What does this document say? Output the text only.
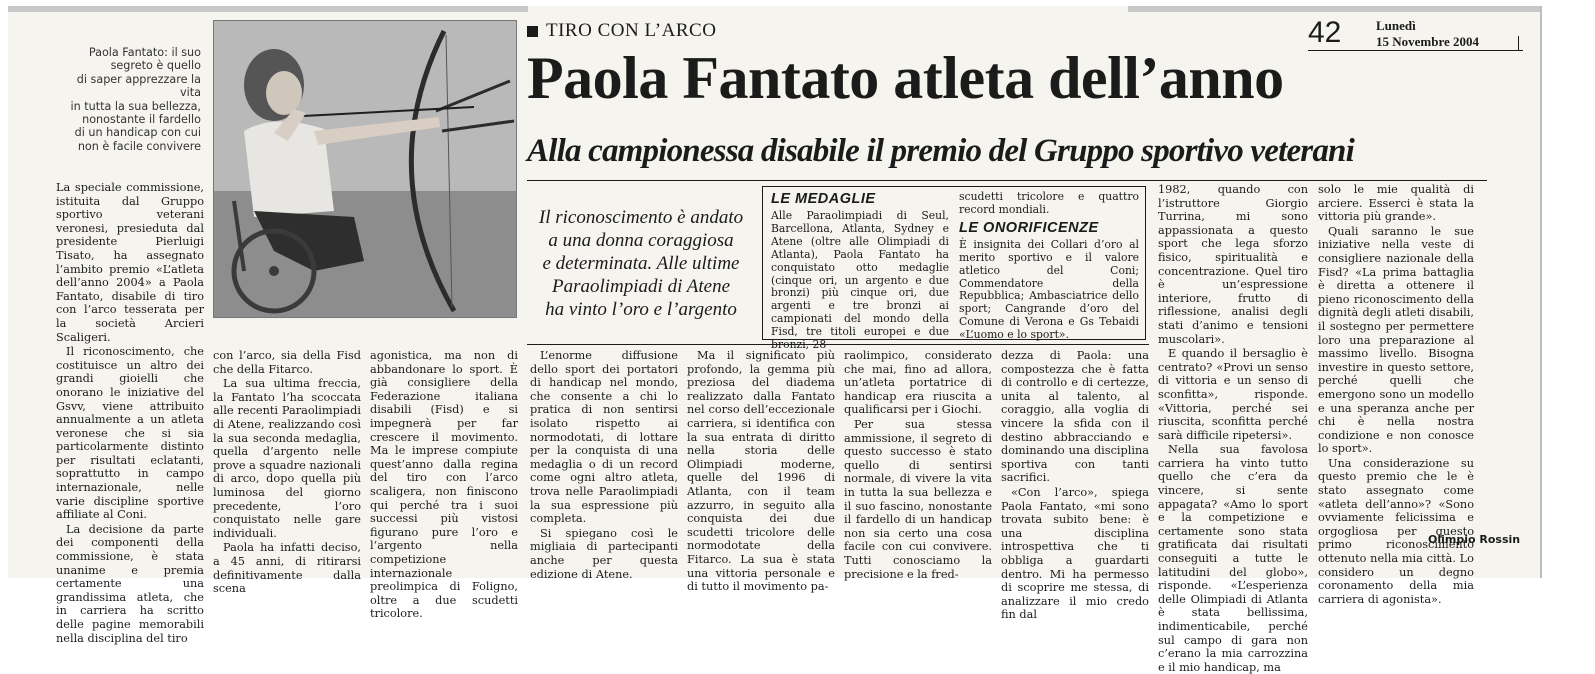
Paola Fantato: il suo
segreto è quello
di saper apprezzare la vita
in tutta la sua bellezza,
nonostante il fardello
di un handicap con cui
non è facile convivere
TIRO CON L’ARCO	42	Lunedì
15 Novembre 2004
Paola Fantato atleta dell’anno
Alla campionessa disabile il premio del Gruppo sportivo veterani
Il riconoscimento è andato
a una donna coraggiosa
e determinata. Alle ultime
Paraolimpiadi di Atene
ha vinto l’oro e l’argento
LE MEDAGLIE

Alle Paraolimpiadi di Seul, Barcellona, Atlanta, Sydney e Atene (oltre alle Olimpiadi di Atlanta), Paola Fantato ha conquistato otto medaglie (cinque ori, un argento e due bronzi) più cinque ori, due argenti e tre bronzi ai campionati del mondo della Fisd, tre titoli europei e due bronzi, 28

scudetti tricolore e quattro record mondiali.

LE ONORIFICENZE

È insignita dei Collari d’oro al merito sportivo e il valore atletico del Coni; Commendatore della Repubblica; Ambasciatrice dello sport; Cangrande d’oro del Comune di Verona e Gs Tebaidi «L’uomo e lo sport».

La speciale commissione, istituita dal Gruppo sportivo veterani veronesi, presieduta dal presidente Pierluigi Tisato, ha assegnato l’ambito premio «L’atleta dell’anno 2004» a Paola Fantato, disabile di tiro con l’arco tesserata per la società Arcieri Scaligeri.

Il riconoscimento, che costituisce un altro dei grandi gioielli che onorano le iniziative del Gsvv, viene attribuito annualmente a un atleta veronese che si sia particolarmente distinto per risultati eclatanti, soprattutto in campo internazionale, nelle varie discipline sportive affiliate al Coni.

La decisione da parte dei componenti della commissione, è stata unanime e premia certamente una grandissima atleta, che in carriera ha scritto delle pagine memorabili nella disciplina del tiro

con l’arco, sia della Fisd che della Fitarco.

La sua ultima freccia, la Fantato l’ha scoccata alle recenti Paraolimpiadi di Atene, realizzando così la sua seconda medaglia, quella d’argento nelle prove a squadre nazionali di arco, dopo quella più luminosa del giorno precedente, l’oro conquistato nelle gare individuali.

Paola ha infatti deciso, a 45 anni, di ritirarsi definitivamente dalla scena

agonistica, ma non di abbandonare lo sport. È già consigliere della Federazione italiana disabili (Fisd) e si impegnerà per far crescere il movimento. Ma le imprese compiute quest’anno dalla regina del tiro con l’arco scaligera, non finiscono qui perché tra i suoi successi più vistosi figurano pure l’oro e l’argento nella competizione internazionale preolimpica di Foligno, oltre a due scudetti tricolore.

L’enorme diffusione dello sport dei portatori di handicap nel mondo, che consente a chi lo pratica di non sentirsi isolato rispetto ai normodotati, di lottare per la conquista di una medaglia o di un record come ogni altro atleta, trova nelle Paraolimpiadi la sua espressione più completa.

Si spiegano così le migliaia di partecipanti anche per questa edizione di Atene.

Ma il significato più profondo, la gemma più preziosa del diadema realizzato dalla Fantato nel corso dell’eccezionale carriera, si identifica con la sua entrata di diritto nella storia delle Olimpiadi moderne, quelle del 1996 di Atlanta, con il team azzurro, in seguito alla conquista dei due scudetti tricolore delle normodotate della Fitarco. La sua è stata una vittoria personale e di tutto il movimento pa-

raolimpico, considerato che mai, fino ad allora, un’atleta portatrice di handicap era riuscita a qualificarsi per i Giochi.

Per sua stessa ammissione, il segreto di questo successo è stato quello di sentirsi normale, di vivere la vita in tutta la sua bellezza e il suo fascino, nonostante il fardello di un handicap non sia certo una cosa facile con cui convivere. Tutti conosciamo la precisione e la fred-

dezza di Paola: una compostezza che è fatta di controllo e di certezze, unita al talento, al coraggio, alla voglia di vincere la sfida con il destino abbracciando e dominando una disciplina sportiva con tanti sacrifici.

«Con l’arco», spiega Paola Fantato, «mi sono trovata subito bene: è una disciplina introspettiva che ti obbliga a guardarti dentro. Mi ha permesso di scoprire me stessa, di analizzare il mio credo fin dal

1982, quando con l’istruttore Giorgio Turrina, mi sono appassionata a questo sport che lega sforzo fisico, spiritualità e concentrazione. Quel tiro è un’espressione interiore, frutto di riflessione, analisi degli stati d’animo e tensioni muscolari».

E quando il bersaglio è centrato? «Provi un senso di vittoria e un senso di sconfitta», risponde. «Vittoria, perché sei riuscita, sconfitta perché sarà difficile ripetersi».

Nella sua favolosa carriera ha vinto tutto quello che c’era da vincere, si sente appagata? «Amo lo sport e la competizione e certamente sono stata gratificata dai risultati conseguiti a tutte le latitudini del globo», risponde. «L’esperienza delle Olimpiadi di Atlanta è stata bellissima, indimenticabile, perché sul campo di gara non c’erano la mia carrozzina e il mio handicap, ma

solo le mie qualità di arciere. Esserci è stata la vittoria più grande».

Quali saranno le sue iniziative nella veste di consigliere nazionale della Fisd? «La prima battaglia è diretta a ottenere il pieno riconoscimento della dignità degli atleti disabili, il sostegno per permettere loro una preparazione al massimo livello. Bisogna investire in questo settore, perché quelli che emergono sono un modello e una speranza anche per chi è nella nostra condizione e non conosce lo sport».

Una considerazione su questo premio che le è stato assegnato come «atleta dell’anno»? «Sono ovviamente felicissima e orgogliosa per questo primo riconoscimento ottenuto nella mia città. Lo considero un degno coronamento della mia carriera di agonista».

Olimpio Rossin
